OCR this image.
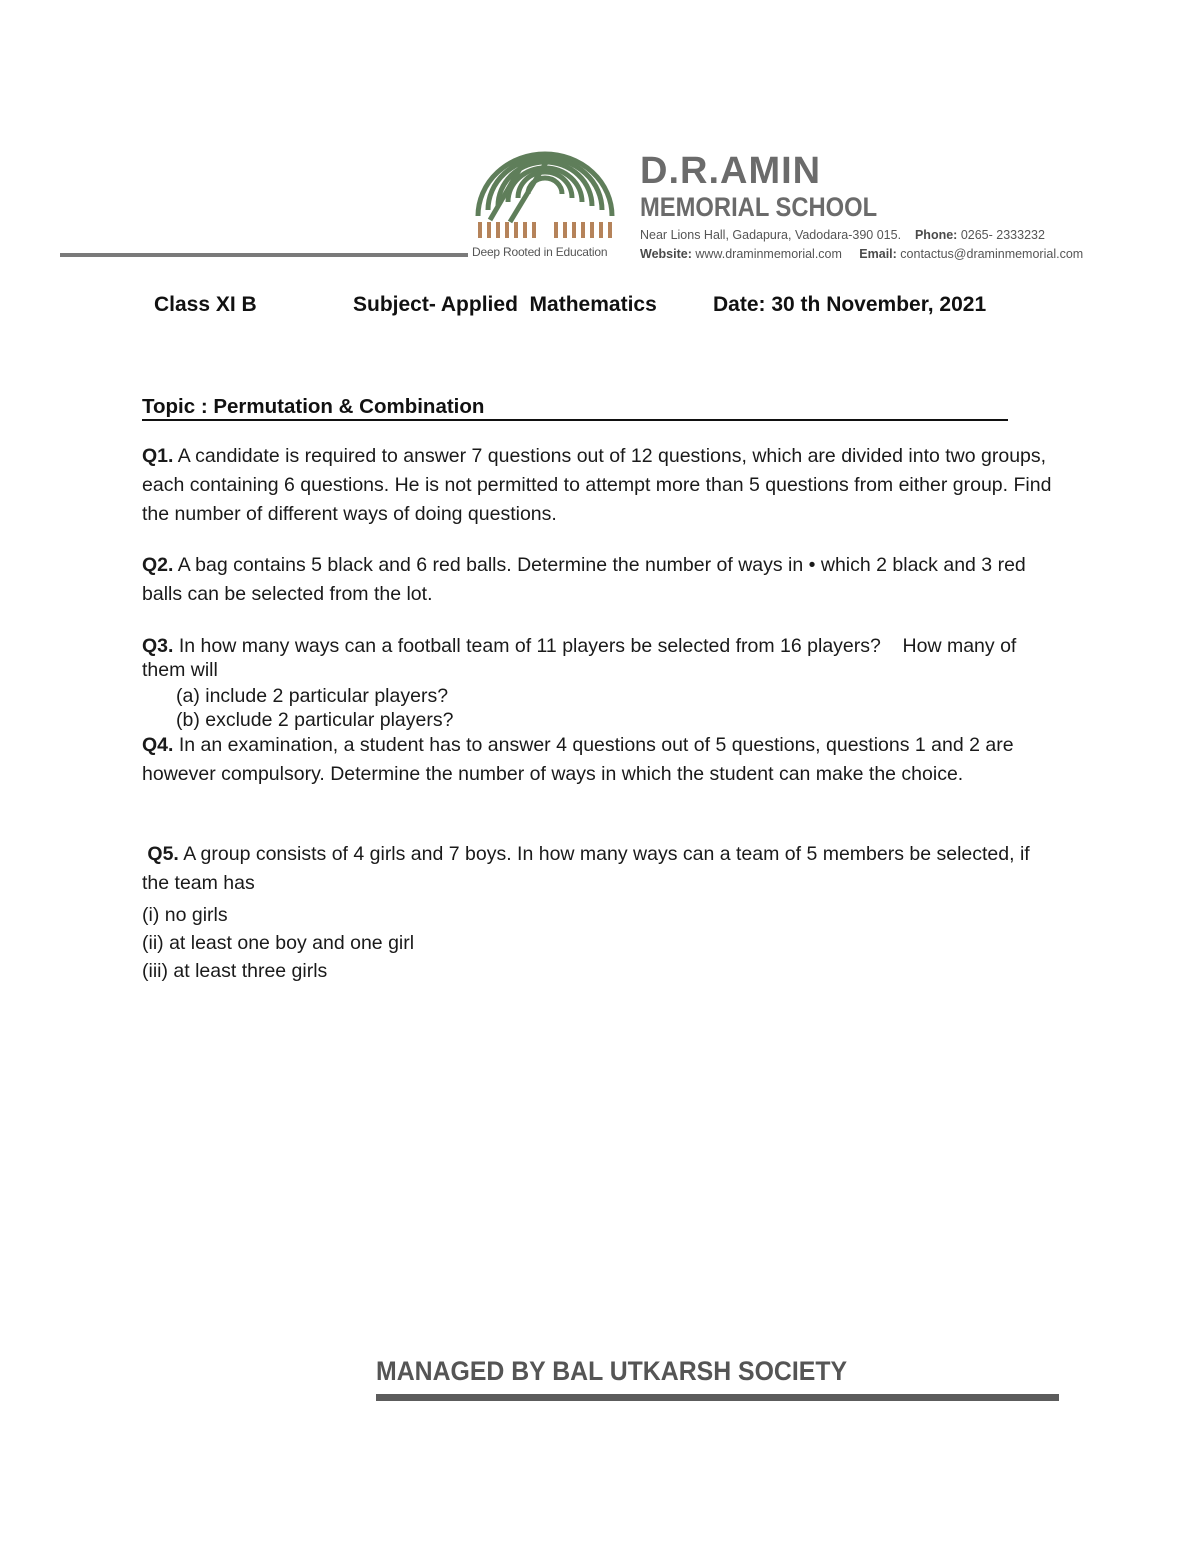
Deep Rooted in Education
D.R.AMIN
MEMORIAL SCHOOL
Near Lions Hall, Gadapura, Vadodara-390 015. Phone: 0265- 2333232
Website: www.draminmemorial.com Email: contactus@draminmemorial.com
Class XI B	Subject- Applied  Mathematics	Date: 30 th November, 2021
Topic : Permutation & Combination
Q1. A candidate is required to answer 7 questions out of 12 questions, which are divided into two groups, each containing 6 questions. He is not permitted to attempt more than 5 questions from either group. Find the number of different ways of doing questions.
Q2. A bag contains 5 black and 6 red balls. Determine the number of ways in • which 2 black and 3 red balls can be selected from the lot.
Q3. In how many ways can a football team of 11 players be selected from 16 players?    How many of them will
(a) include 2 particular players?
(b) exclude 2 particular players?
Q4. In an examination, a student has to answer 4 questions out of 5 questions, questions 1 and 2 are however compulsory. Determine the number of ways in which the student can make the choice.
Q5. A group consists of 4 girls and 7 boys. In how many ways can a team of 5 members be selected, if the team has
(i) no girls
(ii) at least one boy and one girl
(iii) at least three girls
MANAGED BY BAL UTKARSH SOCIETY
